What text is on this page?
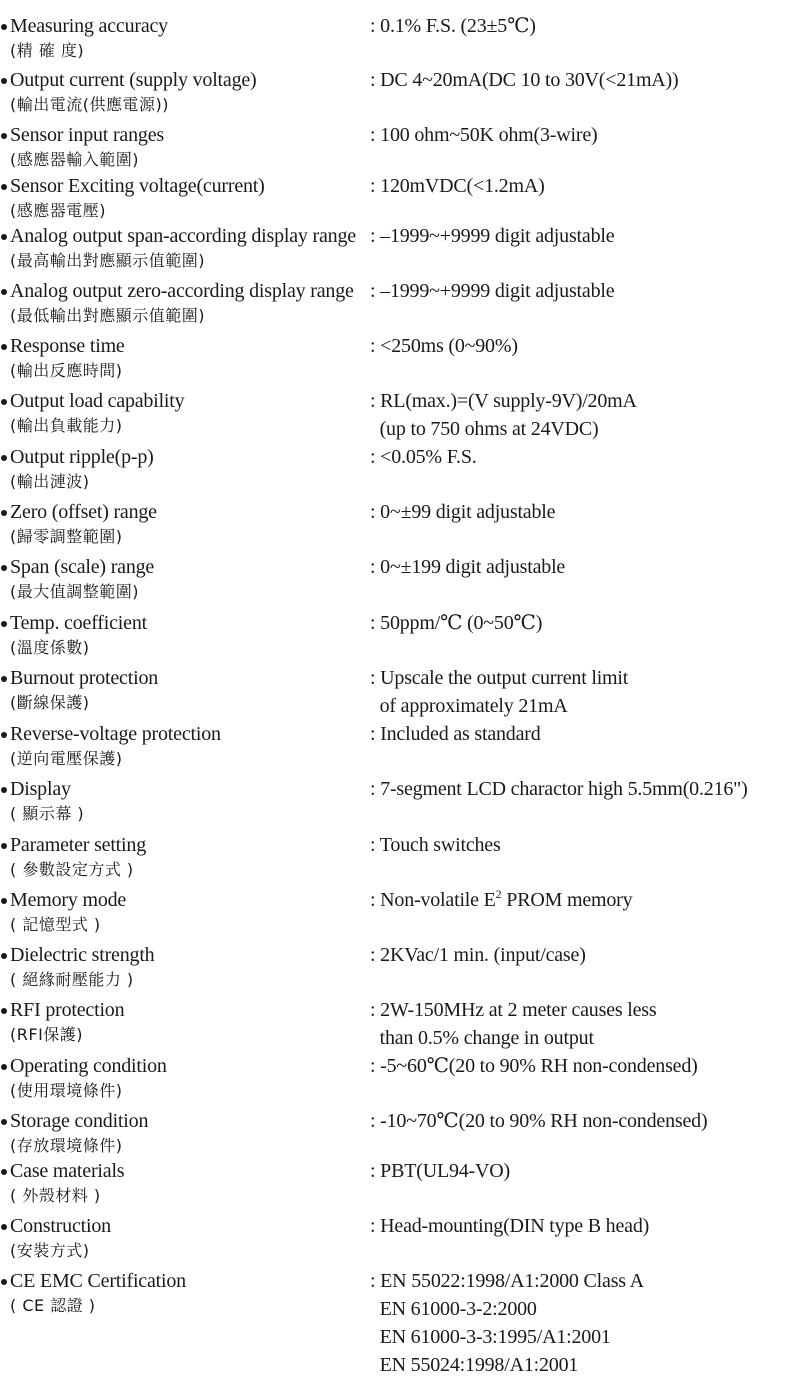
Measuring accuracy
(精 確 度)
: 0.1% F.S. (23±5℃)
Output current (supply voltage)
(輸出電流(供應電源))
: DC 4~20mA(DC 10 to 30V(<21mA))
Sensor input ranges
(感應器輸入範圍)
: 100 ohm~50K ohm(3-wire)
Sensor Exciting voltage(current)
(感應器電壓)
: 120mVDC(<1.2mA)
Analog output span-according display range
(最高輸出對應顯示值範圍)
: –1999~+9999 digit adjustable
Analog output zero-according display range
(最低輸出對應顯示值範圍)
: –1999~+9999 digit adjustable
Response time
(輸出反應時間)
: <250ms (0~90%)
Output load capability
(輸出負載能力)
: RL(max.)=(V supply-9V)/20mA
(up to 750 ohms at 24VDC)
Output ripple(p-p)
(輸出漣波)
: <0.05% F.S.
Zero (offset) range
(歸零調整範圍)
: 0~±99 digit adjustable
Span (scale) range
(最大值調整範圍)
: 0~±199 digit adjustable
Temp. coefficient
(溫度係數)
: 50ppm/℃ (0~50℃)
Burnout protection
(斷線保護)
: Upscale the output current limit
of approximately 21mA
Reverse-voltage protection
(逆向電壓保護)
: Included as standard
Display
( 顯示幕 )
: 7-segment LCD charactor high 5.5mm(0.216")
Parameter setting
( 參數設定方式 )
: Touch switches
Memory mode
( 記憶型式 )
: Non-volatile $E^2$ PROM memory
Dielectric strength
( 絕緣耐壓能力 )
: 2KVac/1 min. (input/case)
RFI protection
(RFI保護)
: 2W-150MHz at 2 meter causes less
than 0.5% change in output
Operating condition
(使用環境條件)
: -5~60℃(20 to 90% RH non-condensed)
Storage condition
(存放環境條件)
: -10~70℃(20 to 90% RH non-condensed)
Case materials
( 外殼材料 )
: PBT(UL94-VO)
Construction
(安裝方式)
: Head-mounting(DIN type B head)
CE EMC Certification
( CE 認證 )
: EN 55022:1998/A1:2000 Class A
EN 61000-3-2:2000
EN 61000-3-3:1995/A1:2001
EN 55024:1998/A1:2001
